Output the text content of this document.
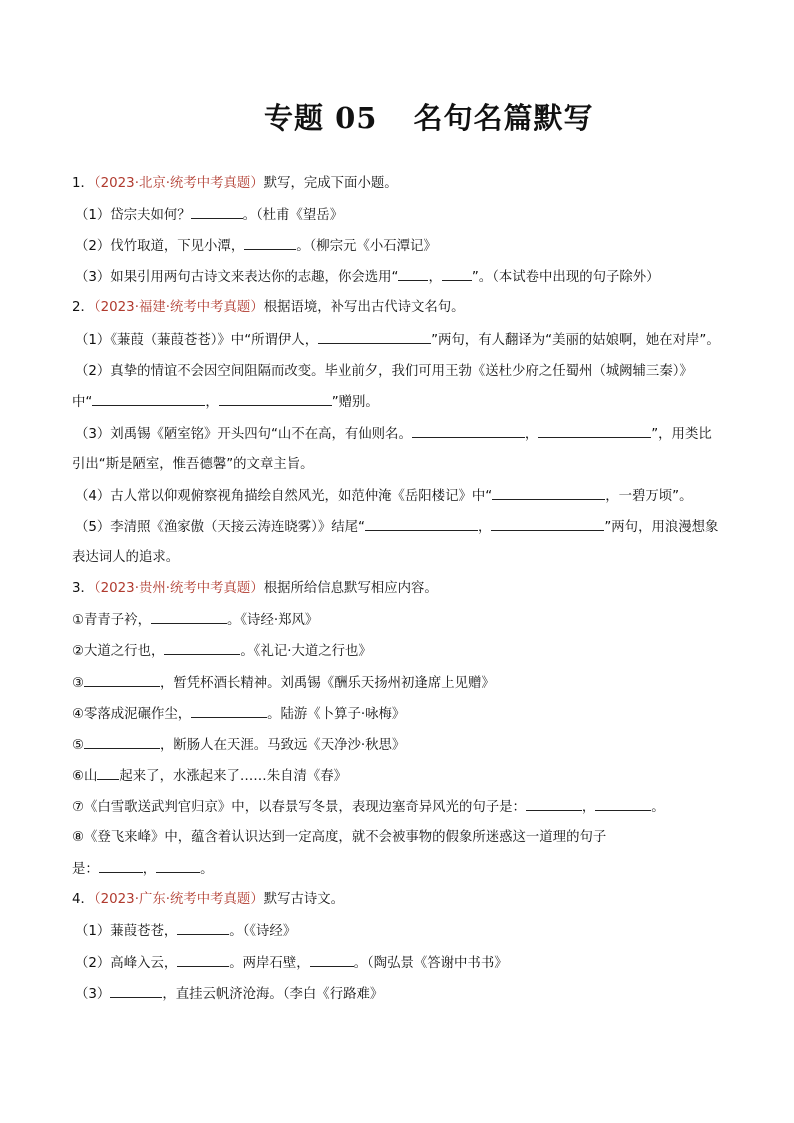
专题 05 名句名篇默写
1．（2023·北京·统考中考真题）默写，完成下面小题。
（1）岱宗夫如何？	。（杜甫《望岳》
（2）伐竹取道，下见小潭，	。（柳宗元《小石潭记》
（3）如果引用两句古诗文来表达你的志趣，你会选用“ ， ”。（本试卷中出现的句子除外）
2．（2023·福建·统考中考真题）根据语境，补写出古代诗文名句。
（1）《蒹葭（蒹葭苍苍）》中“所谓伊人，	”两句，有人翻译为“美丽的姑娘啊，她在对岸”。
（2）真挚的情谊不会因空间阻隔而改变。毕业前夕，我们可用王勃《送杜少府之任蜀州（城阙辅三秦）》
中“	，	”赠别。
（3）刘禹锡《陋室铭》开头四句“山不在高，有仙则名。	，	”，用类比
引出“斯是陋室，惟吾德馨”的文章主旨。
（4）古人常以仰观俯察视角描绘自然风光，如范仲淹《岳阳楼记》中“	，一碧万顷”。
（5）李清照《渔家傲（天接云涛连晓雾）》结尾“	，	”两句，用浪漫想象
表达词人的追求。
3．（2023·贵州·统考中考真题）根据所给信息默写相应内容。
①青青子衿，	。《诗经·郑风》
②大道之行也，	。《礼记·大道之行也》
③	，暂凭杯酒长精神。刘禹锡《酬乐天扬州初逢席上见赠》
④零落成泥碾作尘，	。陆游《卜算子·咏梅》
⑤	，断肠人在天涯。马致远《天净沙·秋思》
⑥山 起来了，水涨起来了……朱自清《春》
⑦《白雪歌送武判官归京》中，以春景写冬景，表现边塞奇异风光的句子是：	，	。
⑧《登飞来峰》中，蕴含着认识达到一定高度，就不会被事物的假象所迷惑这一道理的句子
是：	，	。
4．（2023·广东·统考中考真题）默写古诗文。
（1）蒹葭苍苍，	。（《诗经》
（2）高峰入云，	。两岸石壁，	。（陶弘景《答谢中书书》
（3）	，直挂云帆济沧海。（李白《行路难》
